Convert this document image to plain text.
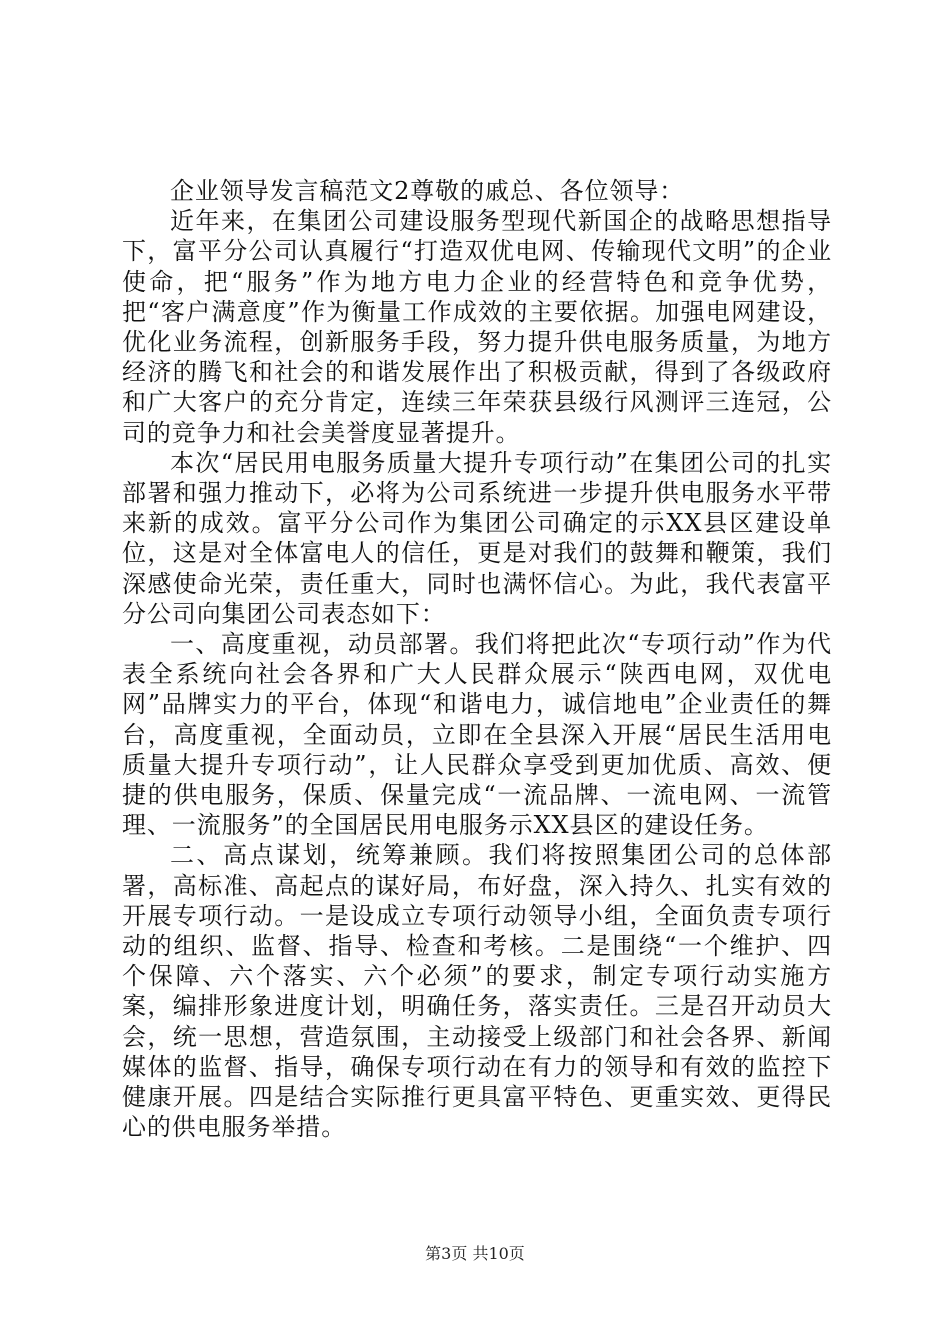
企业领导发言稿范文2尊敬的戚总、各位领导：

近年来，在集团公司建设服务型现代新国企的战略思想指导下，富平分公司认真履行“打造双优电网、传输现代文明”的企业使命，把“服务”作为地方电力企业的经营特色和竞争优势，把“客户满意度”作为衡量工作成效的主要依据。加强电网建设，优化业务流程，创新服务手段，努力提升供电服务质量，为地方经济的腾飞和社会的和谐发展作出了积极贡献，得到了各级政府和广大客户的充分肯定，连续三年荣获县级行风测评三连冠，公司的竞争力和社会美誉度显著提升。

本次“居民用电服务质量大提升专项行动”在集团公司的扎实部署和强力推动下，必将为公司系统进一步提升供电服务水平带来新的成效。富平分公司作为集团公司确定的示XX县区建设单位，这是对全体富电人的信任，更是对我们的鼓舞和鞭策，我们深感使命光荣，责任重大，同时也满怀信心。为此，我代表富平分公司向集团公司表态如下：

一、高度重视，动员部署。我们将把此次“专项行动”作为代表全系统向社会各界和广大人民群众展示“陕西电网，双优电网”品牌实力的平台，体现“和谐电力，诚信地电”企业责任的舞台，高度重视，全面动员，立即在全县深入开展“居民生活用电质量大提升专项行动”，让人民群众享受到更加优质、高效、便捷的供电服务，保质、保量完成“一流品牌、一流电网、一流管理、一流服务”的全国居民用电服务示XX县区的建设任务。

二、高点谋划，统筹兼顾。我们将按照集团公司的总体部署，高标准、高起点的谋好局，布好盘，深入持久、扎实有效的开展专项行动。一是设成立专项行动领导小组，全面负责专项行动的组织、监督、指导、检查和考核。二是围绕“一个维护、四个保障、六个落实、六个必须”的要求，制定专项行动实施方案，编排形象进度计划，明确任务，落实责任。三是召开动员大会，统一思想，营造氛围，主动接受上级部门和社会各界、新闻媒体的监督、指导，确保专项行动在有力的领导和有效的监控下健康开展。四是结合实际推行更具富平特色、更重实效、更得民心的供电服务举措。

第3页 共10页
